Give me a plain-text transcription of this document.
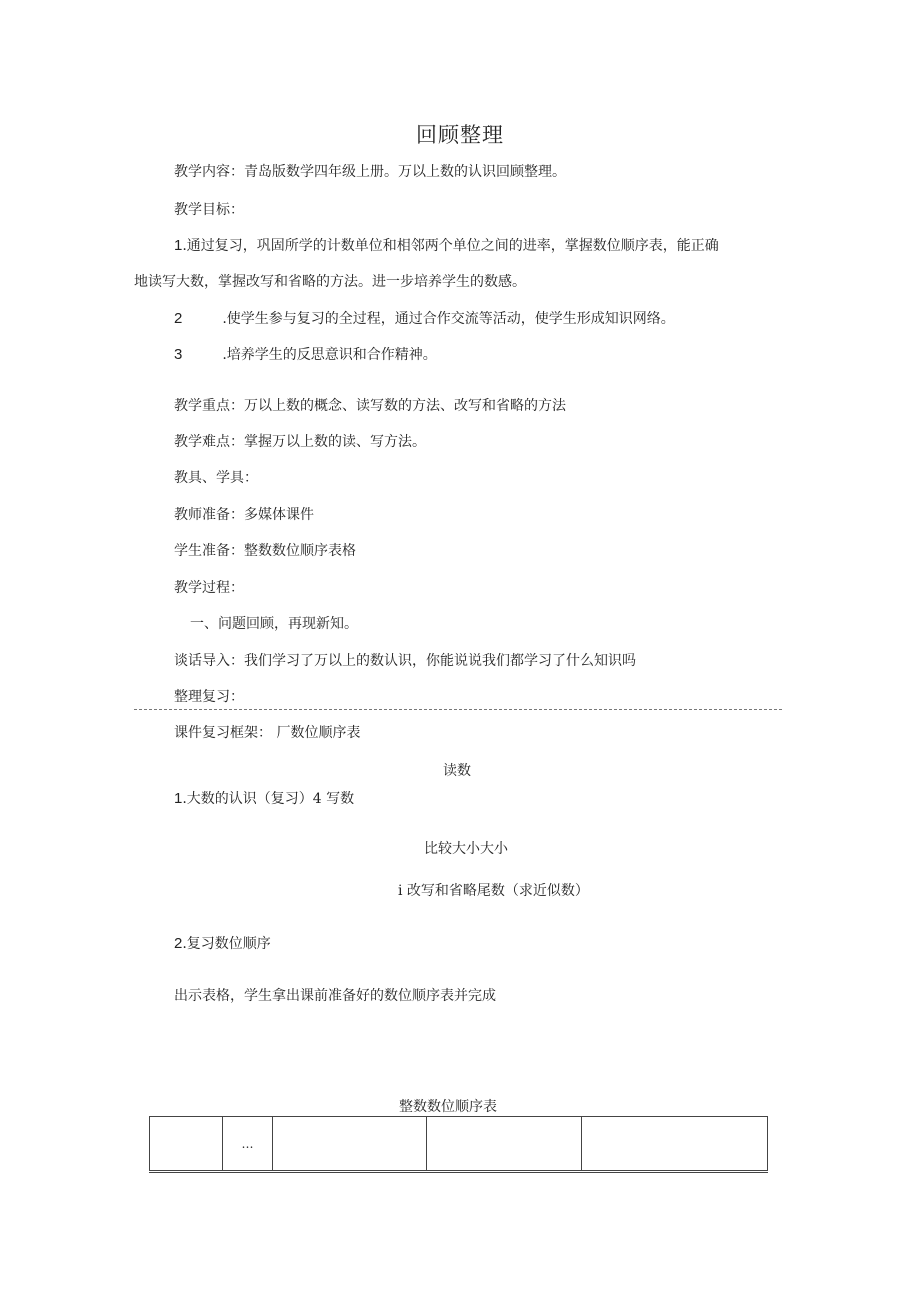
回顾整理
教学内容：青岛版数学四年级上册。万以上数的认识回顾整理。
教学目标：
1.通过复习，巩固所学的计数单位和相邻两个单位之间的进率，掌握数位顺序表，能正确
地读写大数，掌握改写和省略的方法。进一步培养学生的数感。
2	.使学生参与复习的全过程，通过合作交流等活动，使学生形成知识网络。
3	.培养学生的反思意识和合作精神。
教学重点：万以上数的概念、读写数的方法、改写和省略的方法
教学难点：掌握万以上数的读、写方法。
教具、学具：
教师准备：多媒体课件
学生准备：整数数位顺序表格
教学过程：
一、问题回顾，再现新知。
谈话导入：我们学习了万以上的数认识，你能说说我们都学习了什么知识吗
整理复习：
课件复习框架： 厂数位顺序表
读数
1.大数的认识（复习）4 写数
比较大小大小
i 改写和省略尾数（求近似数）
2.复习数位顺序
出示表格，学生拿出课前准备好的数位顺序表并完成
整数数位顺序表
	…			
